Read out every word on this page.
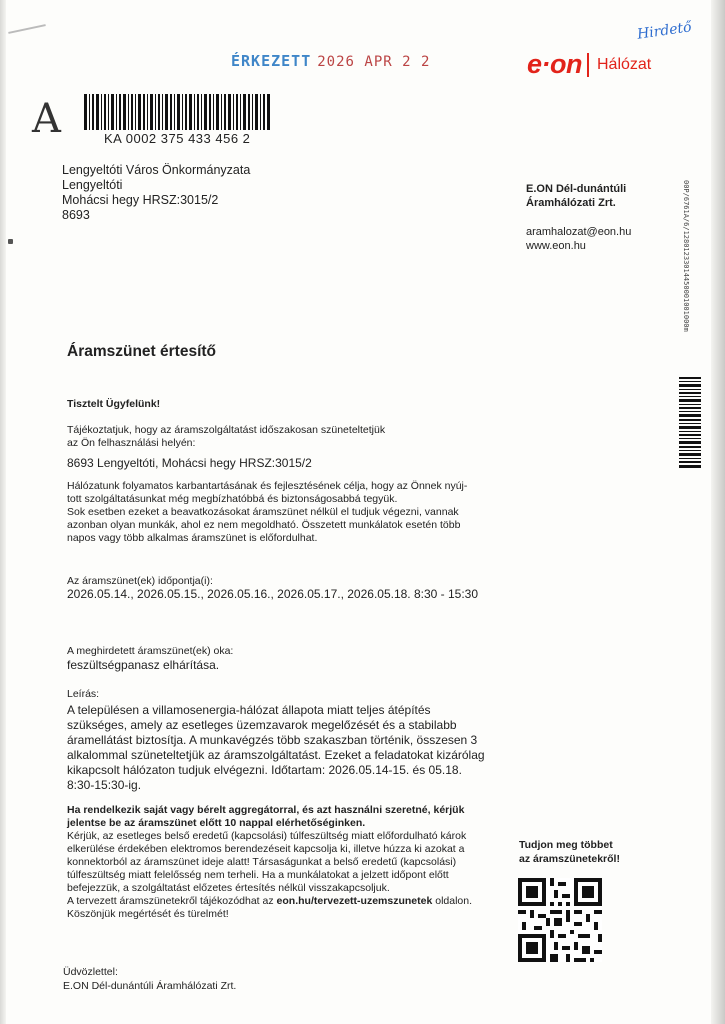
ÉRKEZETT 2026 APR 2 2
Hirdető
e·on Hálózat
A	KA 0002 375 433 456 2
Lengyeltóti Város Önkormányzata
Lengyeltóti
Mohácsi hegy HRSZ:3015/2
8693
E.ON Dél-dunántúli
Áramhálózati Zrt.
aramhalozat@eon.hu
www.eon.hu	00P/6761A/6/12801233014450001001000m
Áramszünet értesítő
Tisztelt Ügyfelünk!
Tájékoztatjuk, hogy az áramszolgáltatást időszakosan szüneteltetjük
az Ön felhasználási helyén:
8693 Lengyeltóti, Mohácsi hegy HRSZ:3015/2
Hálózatunk folyamatos karbantartásának és fejlesztésének célja, hogy az Önnek nyúj-
tott szolgáltatásunkat még megbízhatóbbá és biztonságosabbá tegyük.
Sok esetben ezeket a beavatkozásokat áramszünet nélkül el tudjuk végezni, vannak
azonban olyan munkák, ahol ez nem megoldható. Összetett munkálatok esetén több
napos vagy több alkalmas áramszünet is előfordulhat.
Az áramszünet(ek) időpontja(i):
2026.05.14., 2026.05.15., 2026.05.16., 2026.05.17., 2026.05.18. 8:30 - 15:30
A meghirdetett áramszünet(ek) oka:
feszültségpanasz elhárítása.
Leírás:
A településen a villamosenergia-hálózat állapota miatt teljes átépítés
szükséges, amely az esetleges üzemzavarok megelőzését és a stabilabb
áramellátást biztosítja. A munkavégzés több szakaszban történik, összesen 3
alkalommal szüneteltetjük az áramszolgáltatást. Ezeket a feladatokat kizárólag
kikapcsolt hálózaton tudjuk elvégezni. Időtartam: 2026.05.14-15. és 05.18.
8:30-15:30-ig.
Ha rendelkezik saját vagy bérelt aggregátorral, és azt használni szeretné, kérjük
jelentse be az áramszünet előtt 10 nappal elérhetőséginken.
Kérjük, az esetleges belső eredetű (kapcsolási) túlfeszültség miatt előfordulható károk
elkerülése érdekében elektromos berendezéseit kapcsolja ki, illetve húzza ki azokat a
konnektorból az áramszünet ideje alatt! Társaságunkat a belső eredetű (kapcsolási)
túlfeszültség miatt felelősség nem terheli. Ha a munkálatokat a jelzett időpont előtt
befejezzük, a szolgáltatást előzetes értesítés nélkül visszakapcsoljuk.
A tervezett áramszünetekről tájékozódhat az eon.hu/tervezett-uzemszunetek oldalon.
Köszönjük megértését és türelmét!
Üdvözlettel:
E.ON Dél-dunántúli Áramhálózati Zrt.
Tudjon meg többet
az áramszünetekről!
